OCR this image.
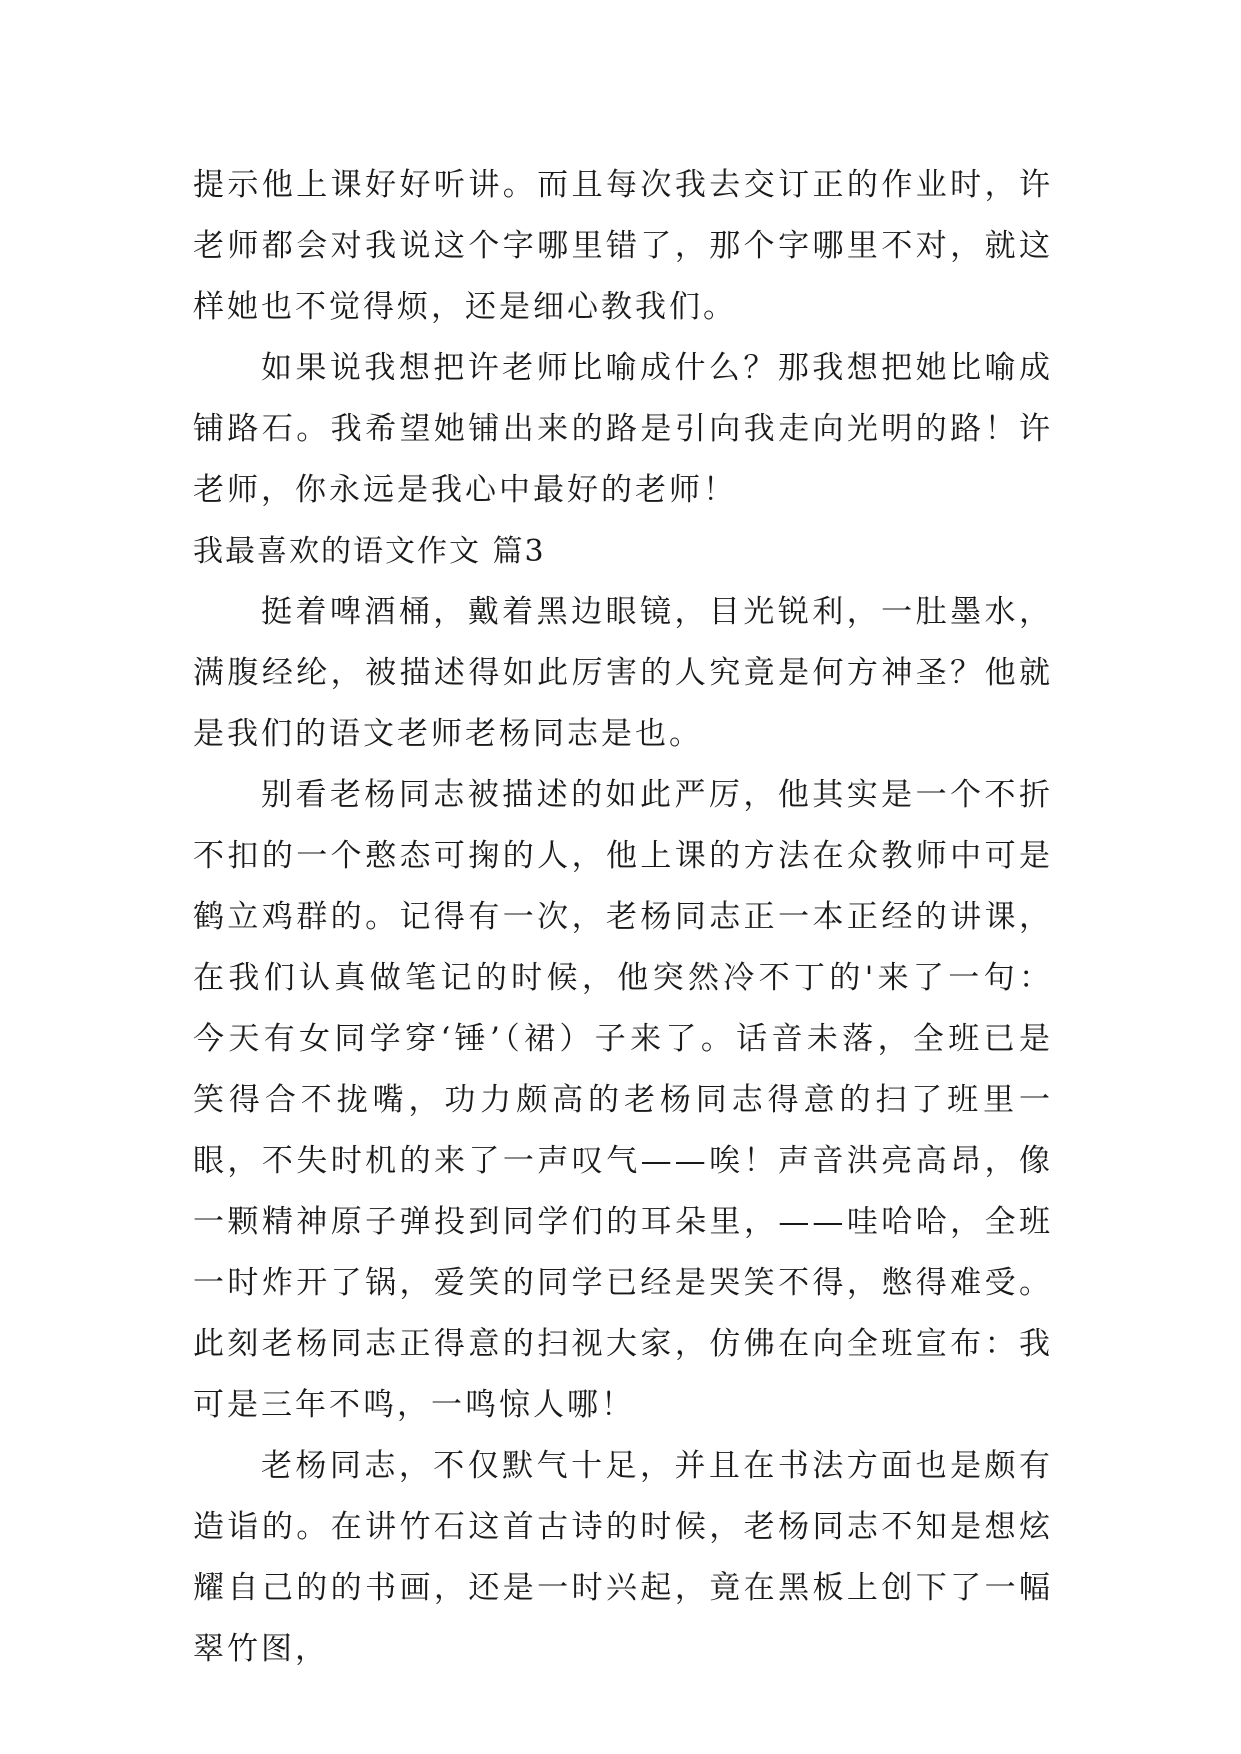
提示他上课好好听讲。而且每次我去交订正的作业时，许老师都会对我说这个字哪里错了，那个字哪里不对，就这样她也不觉得烦，还是细心教我们。

如果说我想把许老师比喻成什么？那我想把她比喻成铺路石。我希望她铺出来的路是引向我走向光明的路！许老师，你永远是我心中最好的老师！

我最喜欢的语文作文 篇3

挺着啤酒桶，戴着黑边眼镜，目光锐利，一肚墨水，满腹经纶，被描述得如此厉害的人究竟是何方神圣？他就是我们的语文老师老杨同志是也。

别看老杨同志被描述的如此严厉，他其实是一个不折不扣的一个憨态可掬的人，他上课的方法在众教师中可是鹤立鸡群的。记得有一次，老杨同志正一本正经的讲课，在我们认真做笔记的时候，他突然冷不丁的'来了一句：今天有女同学穿‘锤’（裙）子来了。话音未落，全班已是笑得合不拢嘴，功力颇高的老杨同志得意的扫了班里一眼，不失时机的来了一声叹气——唉！声音洪亮高昂，像一颗精神原子弹投到同学们的耳朵里，——哇哈哈，全班一时炸开了锅，爱笑的同学已经是哭笑不得，憋得难受。此刻老杨同志正得意的扫视大家，仿佛在向全班宣布：我可是三年不鸣，一鸣惊人哪！

老杨同志，不仅默气十足，并且在书法方面也是颇有造诣的。在讲竹石这首古诗的时候，老杨同志不知是想炫耀自己的的书画，还是一时兴起，竟在黑板上创下了一幅翠竹图，
